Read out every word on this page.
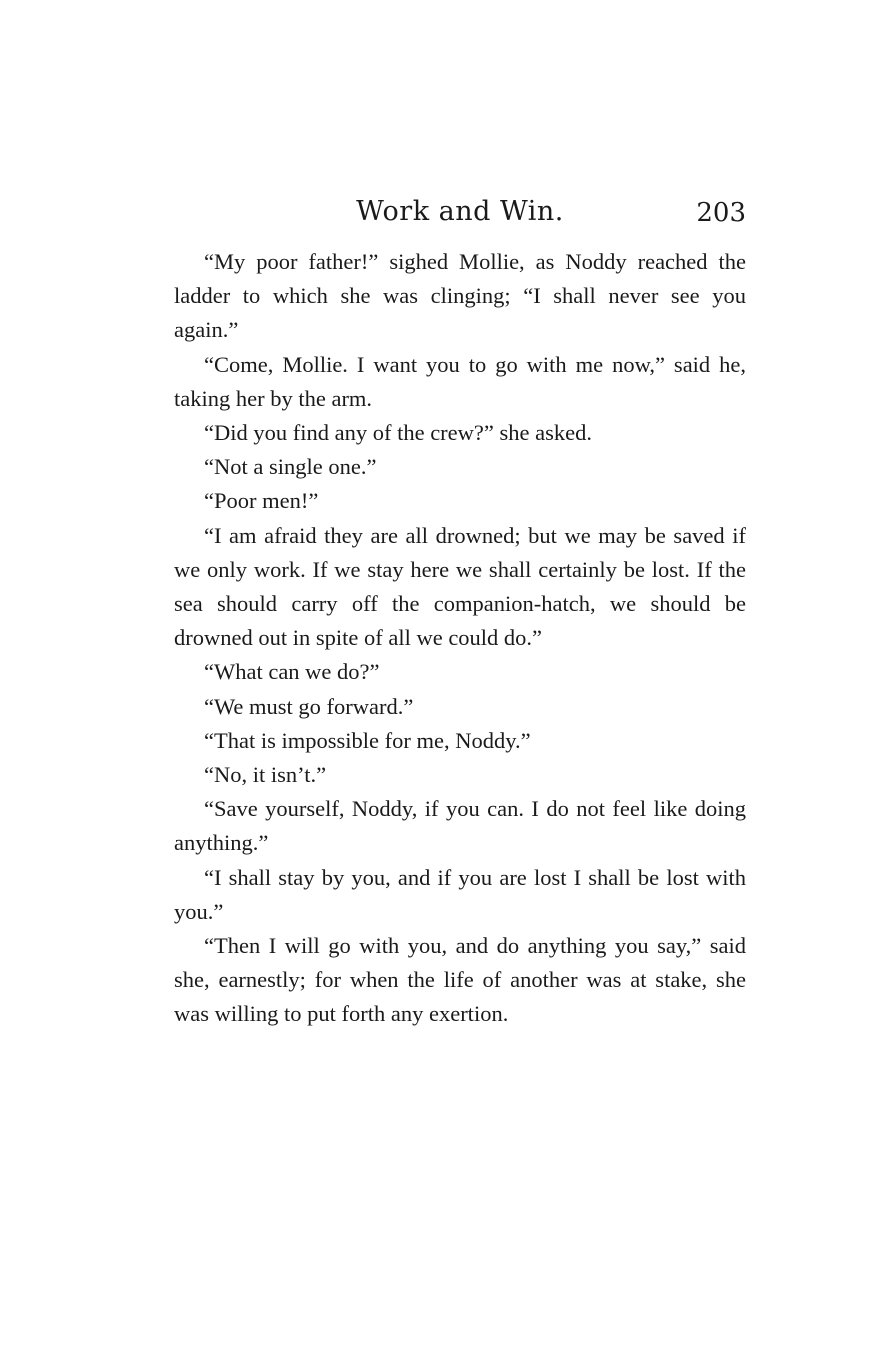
Work and Win.	203

“My poor father!” sighed Mollie, as Noddy reached the ladder to which she was clinging; “I shall never see you again.”

“Come, Mollie. I want you to go with me now,” said he, taking her by the arm.

“Did you find any of the crew?” she asked.

“Not a single one.”

“Poor men!”

“I am afraid they are all drowned; but we may be saved if we only work. If we stay here we shall certainly be lost. If the sea should carry off the companion-hatch, we should be drowned out in spite of all we could do.”

“What can we do?”

“We must go forward.”

“That is impossible for me, Noddy.”

“No, it isn’t.”

“Save yourself, Noddy, if you can. I do not feel like doing anything.”

“I shall stay by you, and if you are lost I shall be lost with you.”

“Then I will go with you, and do anything you say,” said she, earnestly; for when the life of another was at stake, she was willing to put forth any exertion.
